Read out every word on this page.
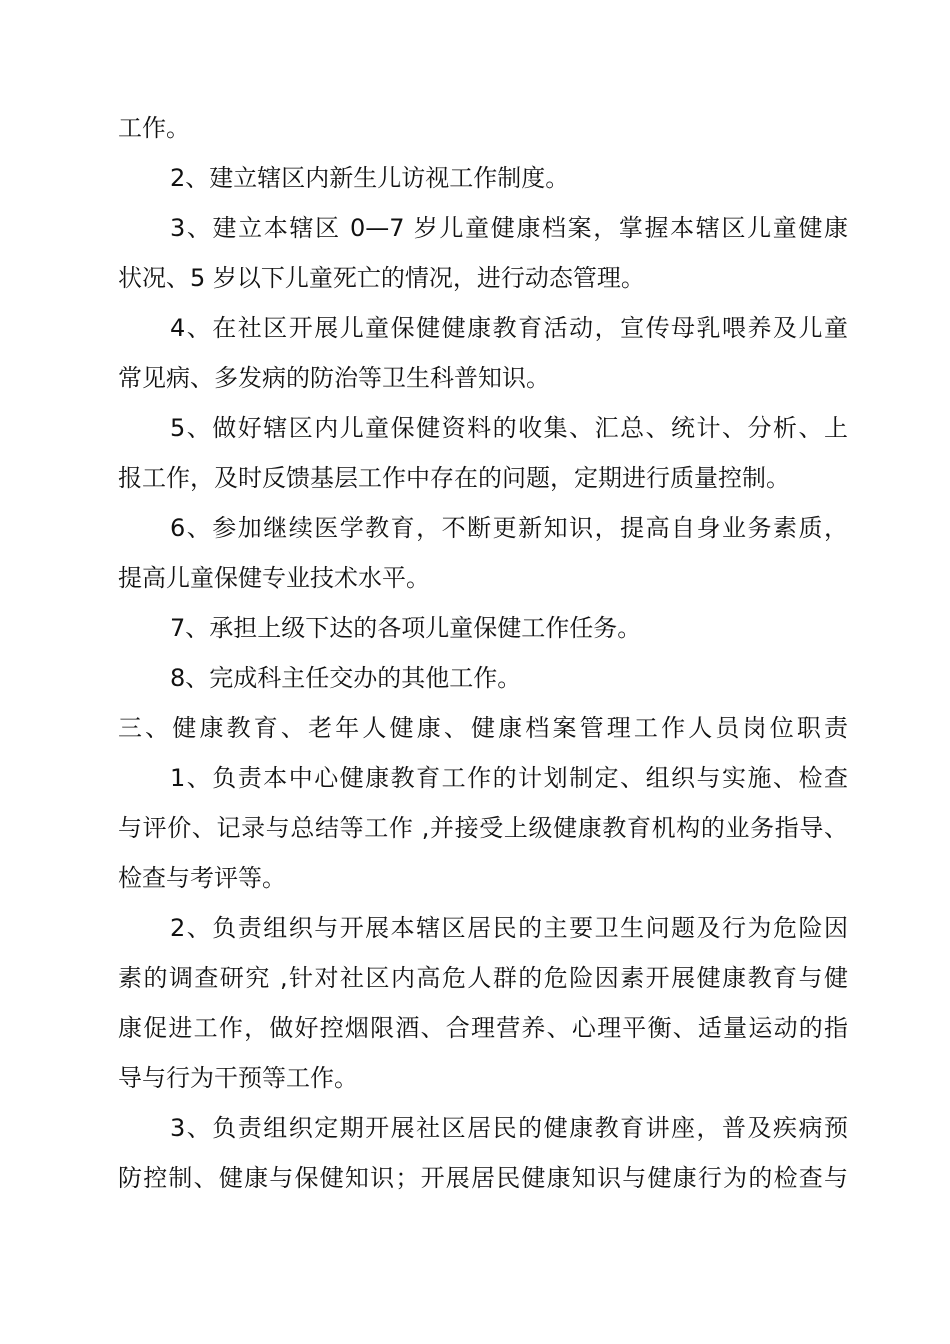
工作。
2、建立辖区内新生儿访视工作制度。
3、建立本辖区 0—7 岁儿童健康档案，掌握本辖区儿童健康
状况、5 岁以下儿童死亡的情况，进行动态管理。
4、在社区开展儿童保健健康教育活动，宣传母乳喂养及儿童
常见病、多发病的防治等卫生科普知识。
5、做好辖区内儿童保健资料的收集、汇总、统计、分析、上
报工作，及时反馈基层工作中存在的问题，定期进行质量控制。
6、参加继续医学教育，不断更新知识，提高自身业务素质，
提高儿童保健专业技术水平。
7、承担上级下达的各项儿童保健工作任务。
8、完成科主任交办的其他工作。
三、健康教育、老年人健康、健康档案管理工作人员岗位职责
1、负责本中心健康教育工作的计划制定、组织与实施、检查
与评价、记录与总结等工作 ,并接受上级健康教育机构的业务指导、
检查与考评等。
2、负责组织与开展本辖区居民的主要卫生问题及行为危险因
素的调查研究 ,针对社区内高危人群的危险因素开展健康教育与健
康促进工作，做好控烟限酒、合理营养、心理平衡、适量运动的指
导与行为干预等工作。
3、负责组织定期开展社区居民的健康教育讲座，普及疾病预
防控制、健康与保健知识；开展居民健康知识与健康行为的检查与
